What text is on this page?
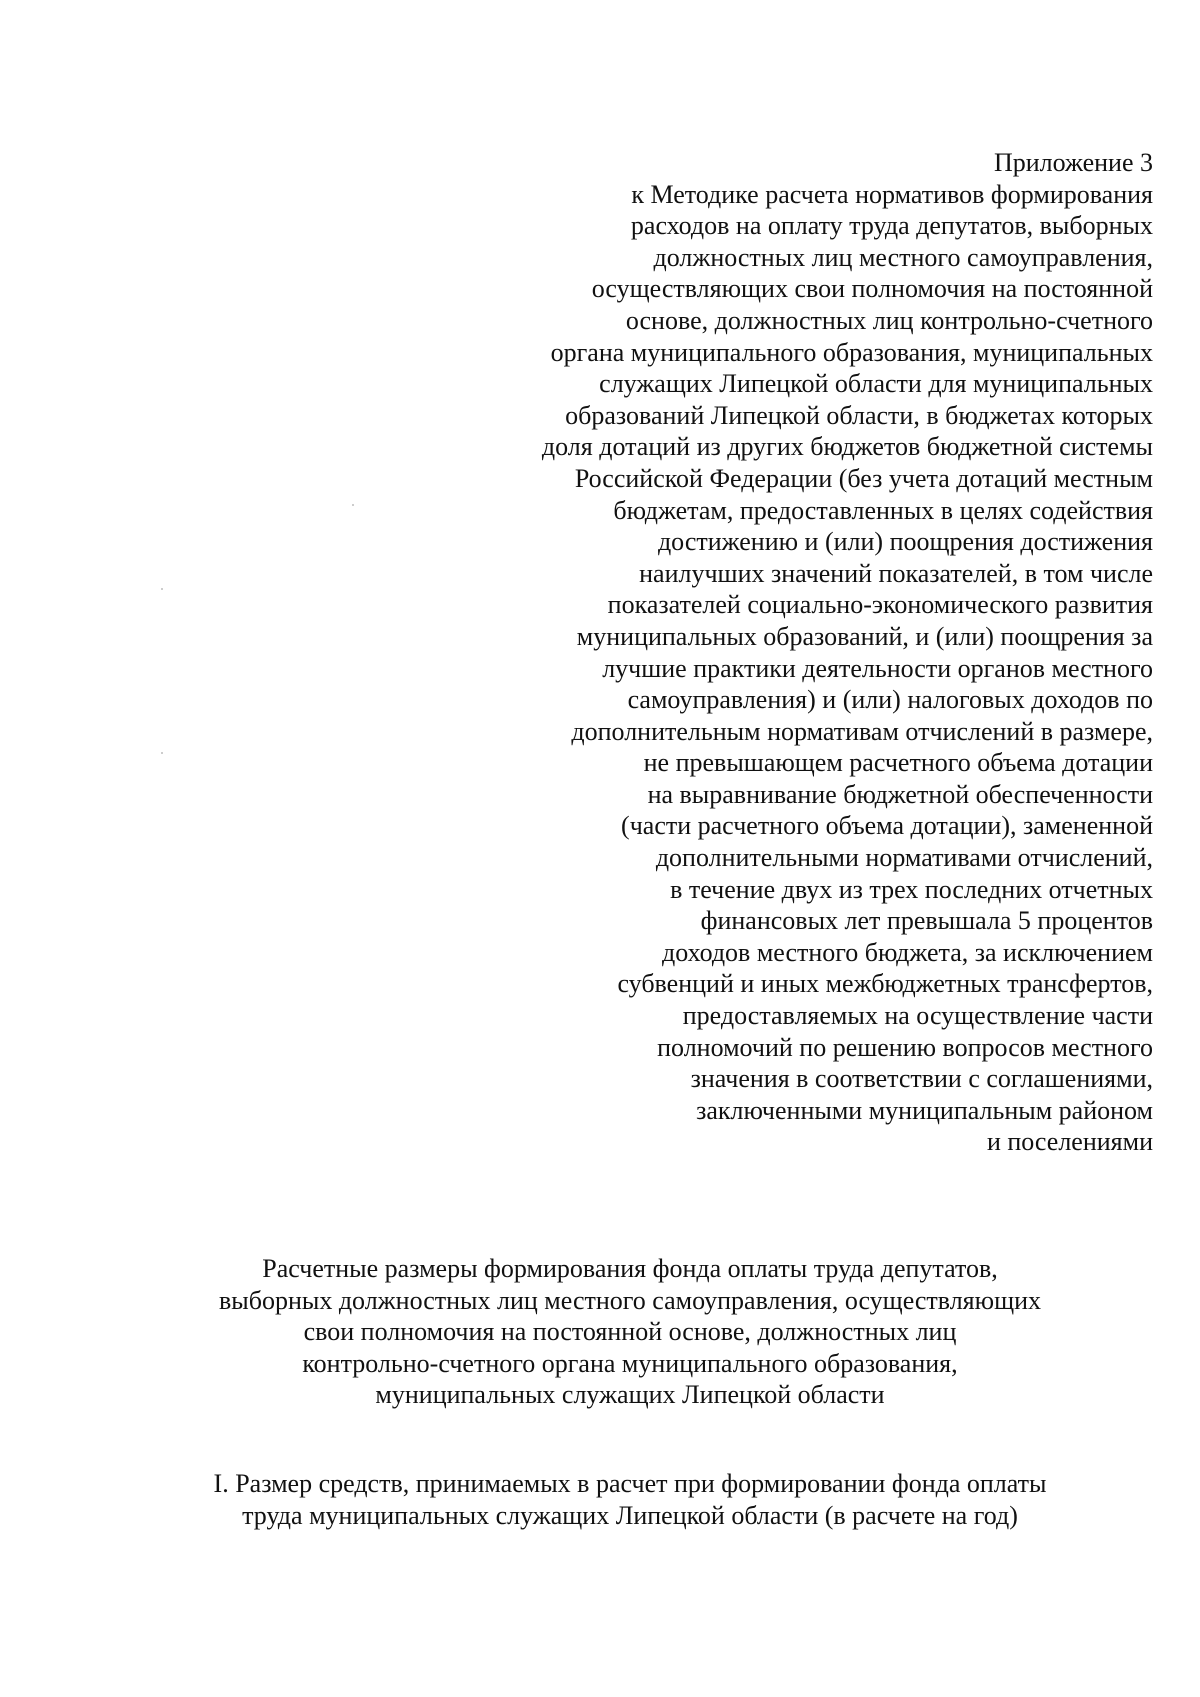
Приложение 3
к Методике расчета нормативов формирования
расходов на оплату труда депутатов, выборных
должностных лиц местного самоуправления,
осуществляющих свои полномочия на постоянной
основе, должностных лиц контрольно-счетного
органа муниципального образования, муниципальных
служащих Липецкой области для муниципальных
образований Липецкой области, в бюджетах которых
доля дотаций из других бюджетов бюджетной системы
Российской Федерации (без учета дотаций местным
бюджетам, предоставленных в целях содействия
достижению и (или) поощрения достижения
наилучших значений показателей, в том числе
показателей социально-экономического развития
муниципальных образований, и (или) поощрения за
лучшие практики деятельности органов местного
самоуправления) и (или) налоговых доходов по
дополнительным нормативам отчислений в размере,
не превышающем расчетного объема дотации
на выравнивание бюджетной обеспеченности
(части расчетного объема дотации), замененной
дополнительными нормативами отчислений,
в течение двух из трех последних отчетных
финансовых лет превышала 5 процентов
доходов местного бюджета, за исключением
субвенций и иных межбюджетных трансфертов,
предоставляемых на осуществление части
полномочий по решению вопросов местного
значения в соответствии с соглашениями,
заключенными муниципальным районом
и поселениями
Расчетные размеры формирования фонда оплаты труда депутатов,
выборных должностных лиц местного самоуправления, осуществляющих
свои полномочия на постоянной основе, должностных лиц
контрольно-счетного органа муниципального образования,
муниципальных служащих Липецкой области
I. Размер средств, принимаемых в расчет при формировании фонда оплаты
труда муниципальных служащих Липецкой области (в расчете на год)
